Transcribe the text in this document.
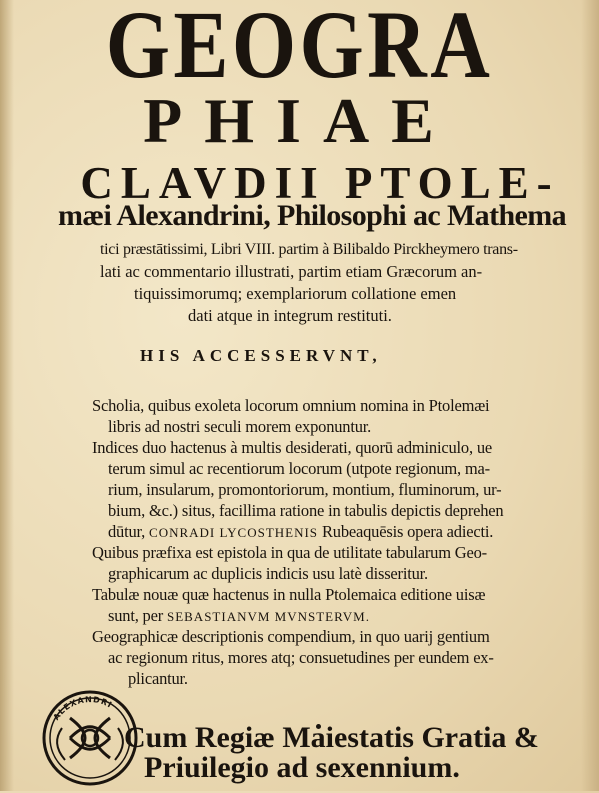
GEOGRA
PHIAE
CLAVDII PTOLE-
mæi Alexandrini, Philosophi ac Mathema
tici præstātissimi, Libri VIII. partim à Bilibaldo Pirckheymero trans-
lati ac commentario illustrati, partim etiam Græcorum an-
tiquissimorumq; exemplariorum collatione emen
dati atque in integrum restituti.
HIS ACCESSERVNT,
Scholia, quibus exoleta locorum omnium nomina in Ptolemæi
libris ad nostri seculi morem exponuntur.
Indices duo hactenus à multis desiderati, quorū adminiculo, ue
terum simul ac recentiorum locorum (utpote regionum, ma-
rium, insularum, promontoriorum, montium, fluminorum, ur-
bium, &c.) situs, facillima ratione in tabulis depictis deprehen
dūtur, CONRADI LYCOSTHENIS Rubeaquēsis opera adiecti.
Quibus præfixa est epistola in qua de utilitate tabularum Geo-
graphicarum ac duplicis indicis usu latè disseritur.
Tabulæ nouæ quæ hactenus in nulla Ptolemaica editione uisæ
sunt, per SEBASTIANVM MVNSTERVM.
Geographicæ descriptionis compendium, in quo uarij gentium
ac regionum ritus, mores atq; consuetudines per eundem ex-
plicantur.
Cum Regiæ Maiestatis Gratia &
Priuilegio ad sexennium.
ALEXANDRI
